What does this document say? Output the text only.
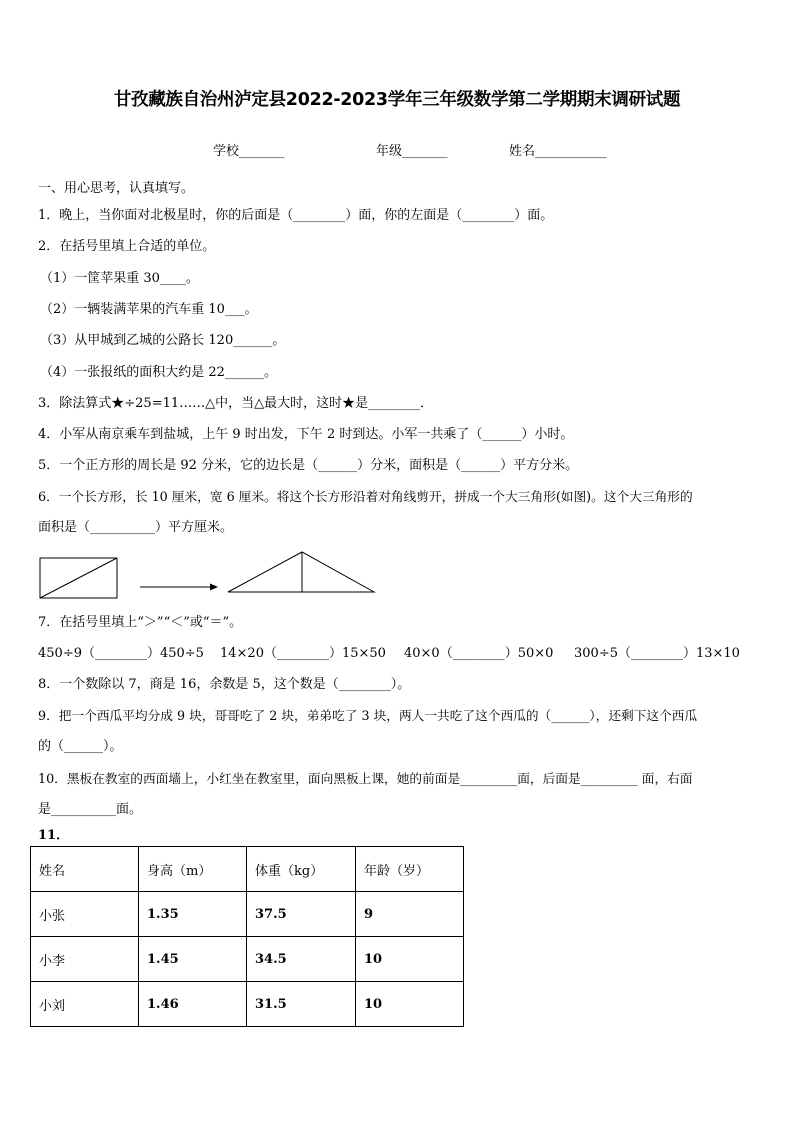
甘孜藏族自治州泸定县2022-2023学年三年级数学第二学期期末调研试题
学校_______	年级_______	姓名___________
一、用心思考，认真填写。
1．晚上，当你面对北极星时，你的后面是（________）面，你的左面是（________）面。
2．在括号里填上合适的单位。
（1）一筐苹果重 30____。
（2）一辆装满苹果的汽车重 10___。
（3）从甲城到乙城的公路长 120______。
（4）一张报纸的面积大约是 22______。
3．除法算式★÷25=11……△中，当△最大时，这时★是________．
4．小军从南京乘车到盐城，上午 9 时出发，下午 2 时到达。小军一共乘了（______）小时。
5．一个正方形的周长是 92 分米，它的边长是（______）分米，面积是（______）平方分米。
6．一个长方形，长 10 厘米，宽 6 厘米。将这个长方形沿着对角线剪开，拼成一个大三角形(如图)。这个大三角形的
面积是（__________）平方厘米。
7．在括号里填上“＞”“＜”或“＝”。
450÷9（________）450÷5 14×20（________）15×50 40×0（________）50×0 300÷5（________）13×10
8．一个数除以 7，商是 16，余数是 5，这个数是（________）。
9．把一个西瓜平均分成 9 块，哥哥吃了 2 块，弟弟吃了 3 块，两人一共吃了这个西瓜的（______），还剩下这个西瓜
的（______）。
10．黑板在教室的西面墙上，小红坐在教室里，面向黑板上课，她的前面是_________面，后面是_________ 面，右面
是__________面。
11．
姓名	身高（m）	体重（kg）	年龄（岁）
小张	1.35	37.5	9
小李	1.45	34.5	10
小刘	1.46	31.5	10
